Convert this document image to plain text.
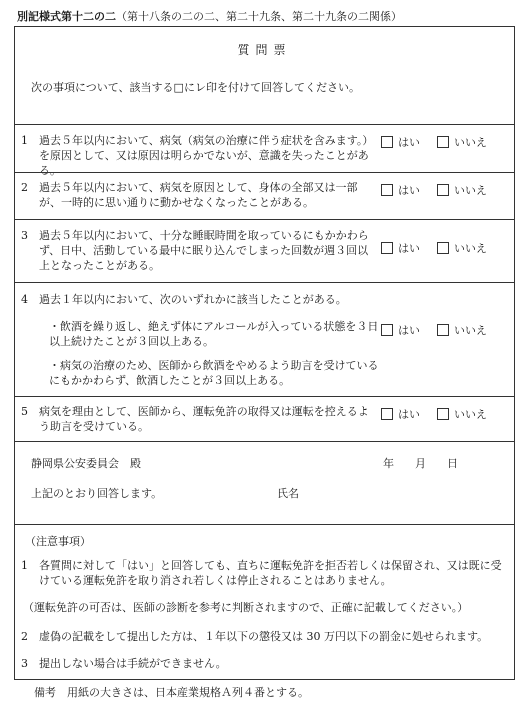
別記様式第十二の二（第十八条の二の二、第二十九条、第二十九条の二関係）
質問票
次の事項について、該当する□にレ印を付けて回答してください。
1 過去５年以内において、病気（病気の治療に伴う症状を含みます。）を原因として、又は原因は明らかでないが、意識を失ったことがある。
はい	いいえ
2 過去５年以内において、病気を原因として、身体の全部又は一部が、一時的に思い通りに動かせなくなったことがある。
はい	いいえ
3 過去５年以内において、十分な睡眠時間を取っているにもかかわらず、日中、活動している最中に眠り込んでしまった回数が週３回以上となったことがある。
はい	いいえ
4 過去１年以内において、次のいずれかに該当したことがある。
・飲酒を繰り返し、絶えず体にアルコールが入っている状態を３日以上続けたことが３回以上ある。
はい	いいえ
・病気の治療のため、医師から飲酒をやめるよう助言を受けているにもかかわらず、飲酒したことが３回以上ある。
5 病気を理由として、医師から、運転免許の取得又は運転を控えるよう助言を受けている。
はい	いいえ
静岡県公安委員会　殿	年 月 日
上記のとおり回答します。	氏名
（注意事項）
1 各質問に対して「はい」と回答しても、直ちに運転免許を拒否若しくは保留され、又は既に受けている運転免許を取り消され若しくは停止されることはありません。
（運転免許の可否は、医師の診断を参考に判断されますので、正確に記載してください。）
2 虚偽の記載をして提出した方は、１年以下の懲役又は 30 万円以下の罰金に処せられます。
3 提出しない場合は手続ができません。
備考　用紙の大きさは、日本産業規格Ａ列４番とする。
